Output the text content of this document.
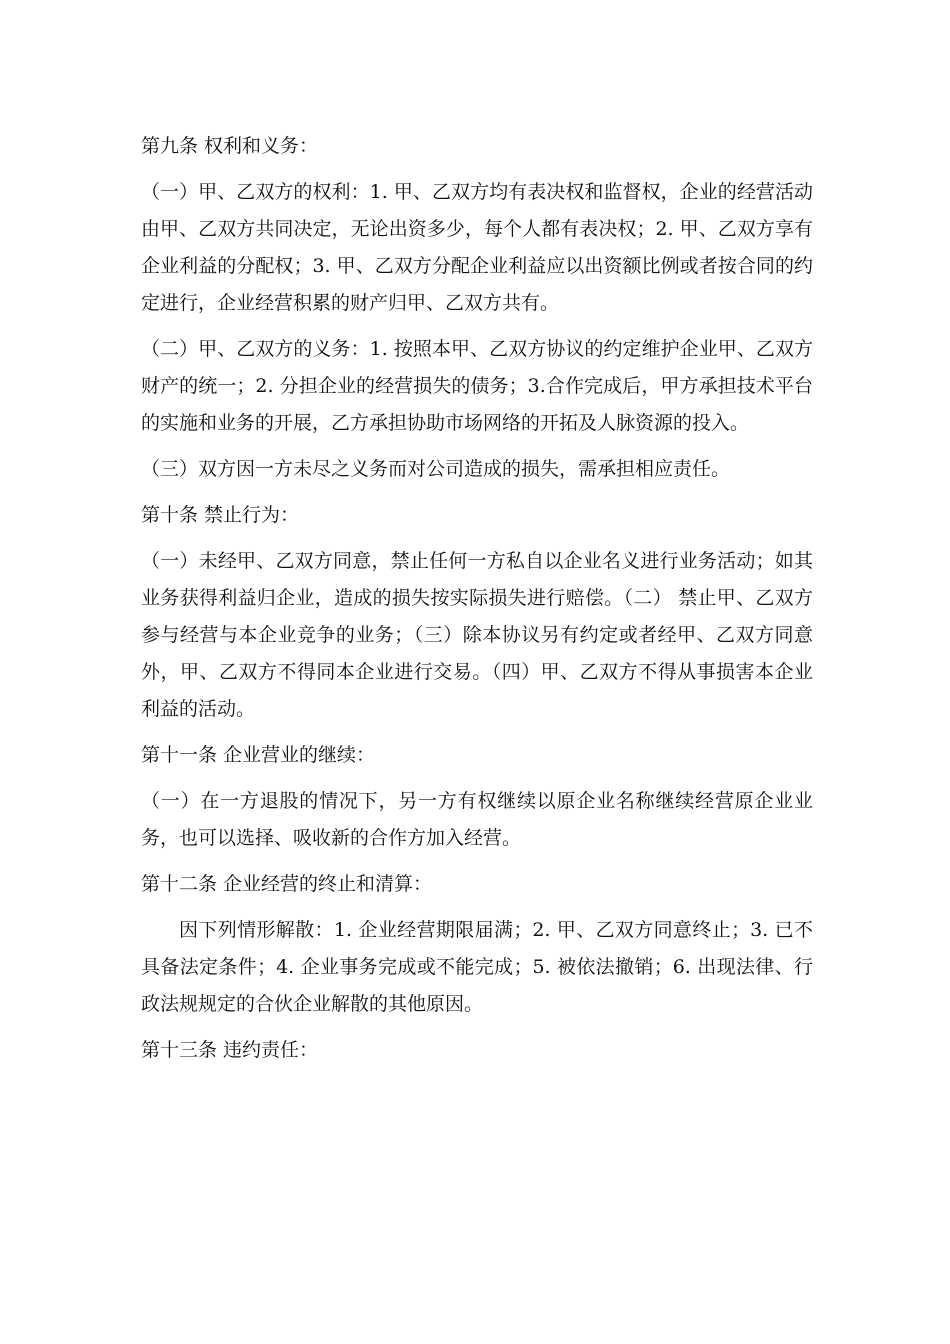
第九条 权利和义务：

（一）甲、乙双方的权利：1. 甲、乙双方均有表决权和监督权，企业的经营活动由甲、乙双方共同决定，无论出资多少，每个人都有表决权；2. 甲、乙双方享有企业利益的分配权；3. 甲、乙双方分配企业利益应以出资额比例或者按合同的约定进行，企业经营积累的财产归甲、乙双方共有。

（二）甲、乙双方的义务：1. 按照本甲、乙双方协议的约定维护企业甲、乙双方财产的统一；2. 分担企业的经营损失的债务；3.合作完成后，甲方承担技术平台的实施和业务的开展，乙方承担协助市场网络的开拓及人脉资源的投入。

（三）双方因一方未尽之义务而对公司造成的损失，需承担相应责任。

第十条 禁止行为：

（一）未经甲、乙双方同意，禁止任何一方私自以企业名义进行业务活动；如其业务获得利益归企业，造成的损失按实际损失进行赔偿。（二） 禁止甲、乙双方参与经营与本企业竞争的业务；（三）除本协议另有约定或者经甲、乙双方同意外，甲、乙双方不得同本企业进行交易。（四）甲、乙双方不得从事损害本企业利益的活动。

第十一条 企业营业的继续：

（一）在一方退股的情况下，另一方有权继续以原企业名称继续经营原企业业务，也可以选择、吸收新的合作方加入经营。

第十二条 企业经营的终止和清算：

因下列情形解散：1. 企业经营期限届满；2. 甲、乙双方同意终止；3. 已不具备法定条件；4. 企业事务完成或不能完成；5. 被依法撤销；6. 出现法律、行政法规规定的合伙企业解散的其他原因。

第十三条 违约责任：
